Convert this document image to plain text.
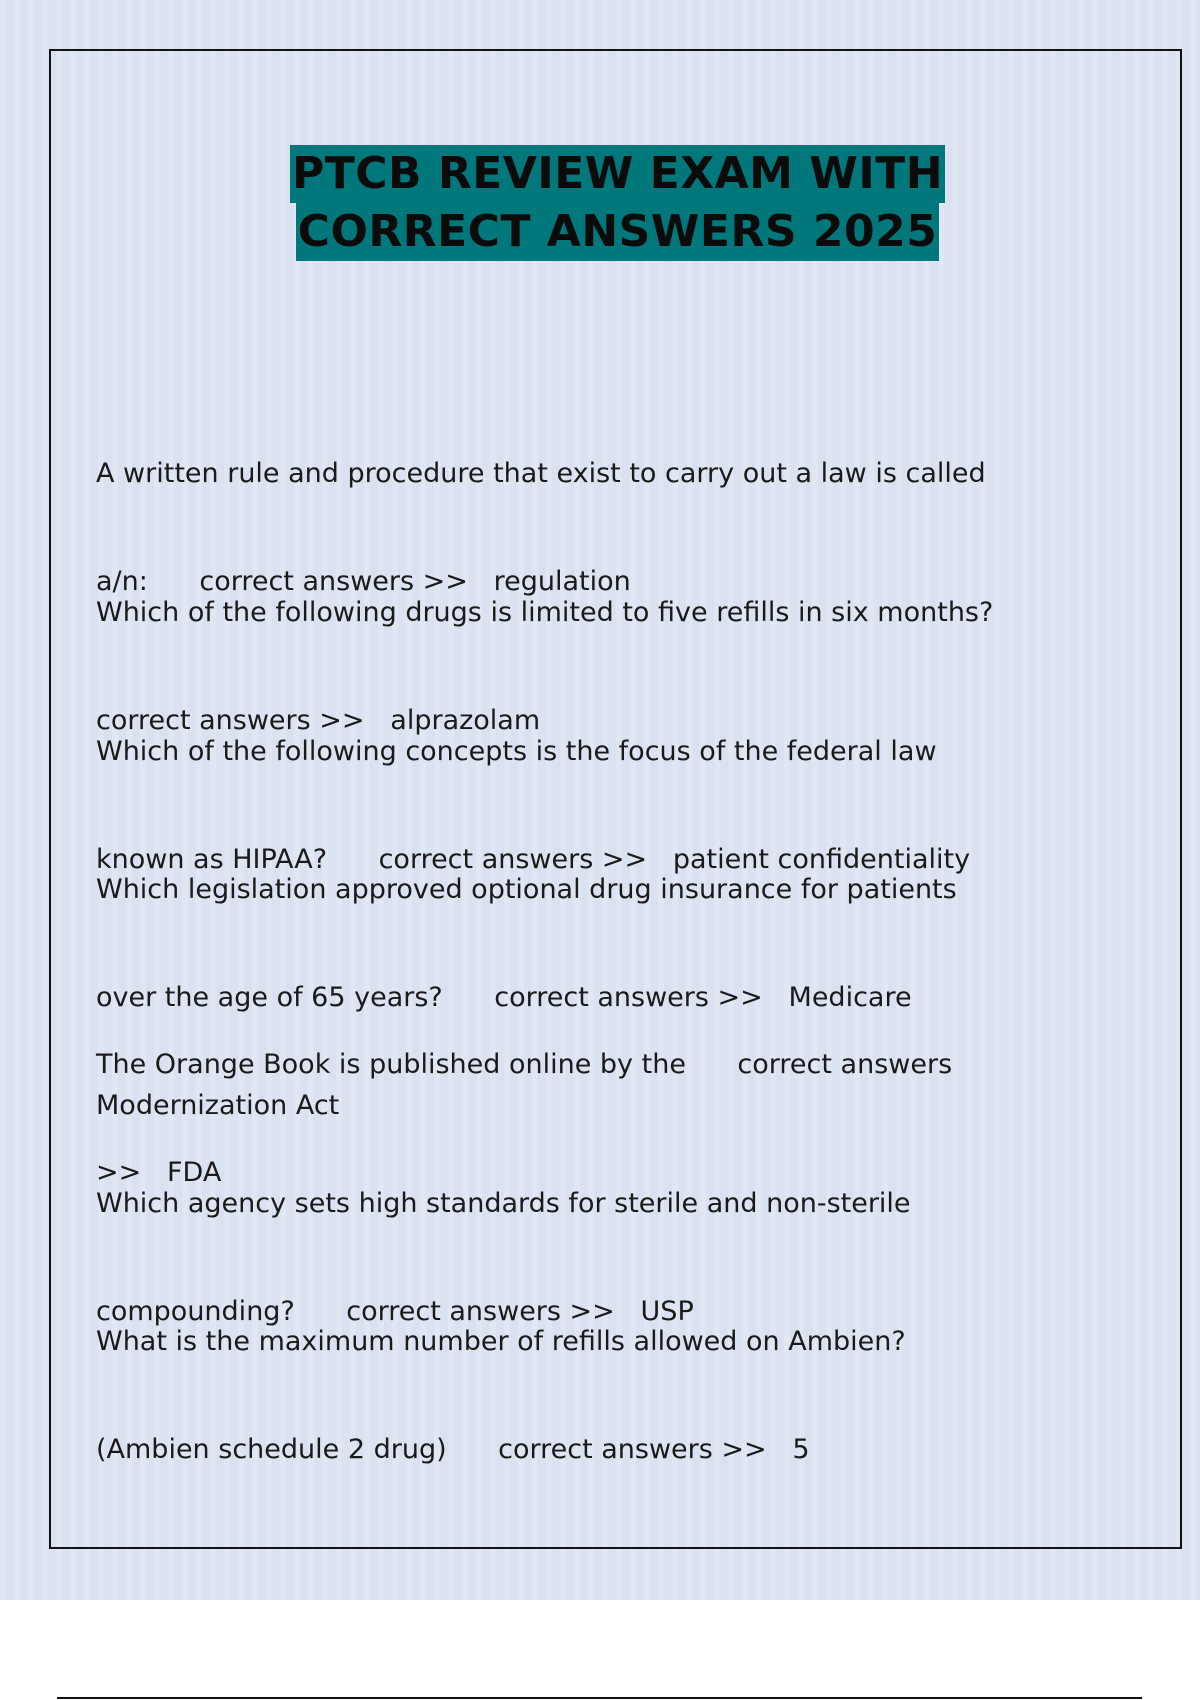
PTCB REVIEW EXAM WITH
CORRECT ANSWERS 2025

A written rule and procedure that exist to carry out a law is called

a/n:      correct answers >>   regulation

Which of the following drugs is limited to five refills in six months?

correct answers >>   alprazolam

Which of the following concepts is the focus of the federal law

known as HIPAA?      correct answers >>   patient confidentiality

Which legislation approved optional drug insurance for patients

over the age of 65 years?      correct answers >>   Medicare

Modernization Act

The Orange Book is published online by the      correct answers

>>   FDA

Which agency sets high standards for sterile and non-sterile

compounding?      correct answers >>   USP

What is the maximum number of refills allowed on Ambien?

(Ambien schedule 2 drug)      correct answers >>   5
